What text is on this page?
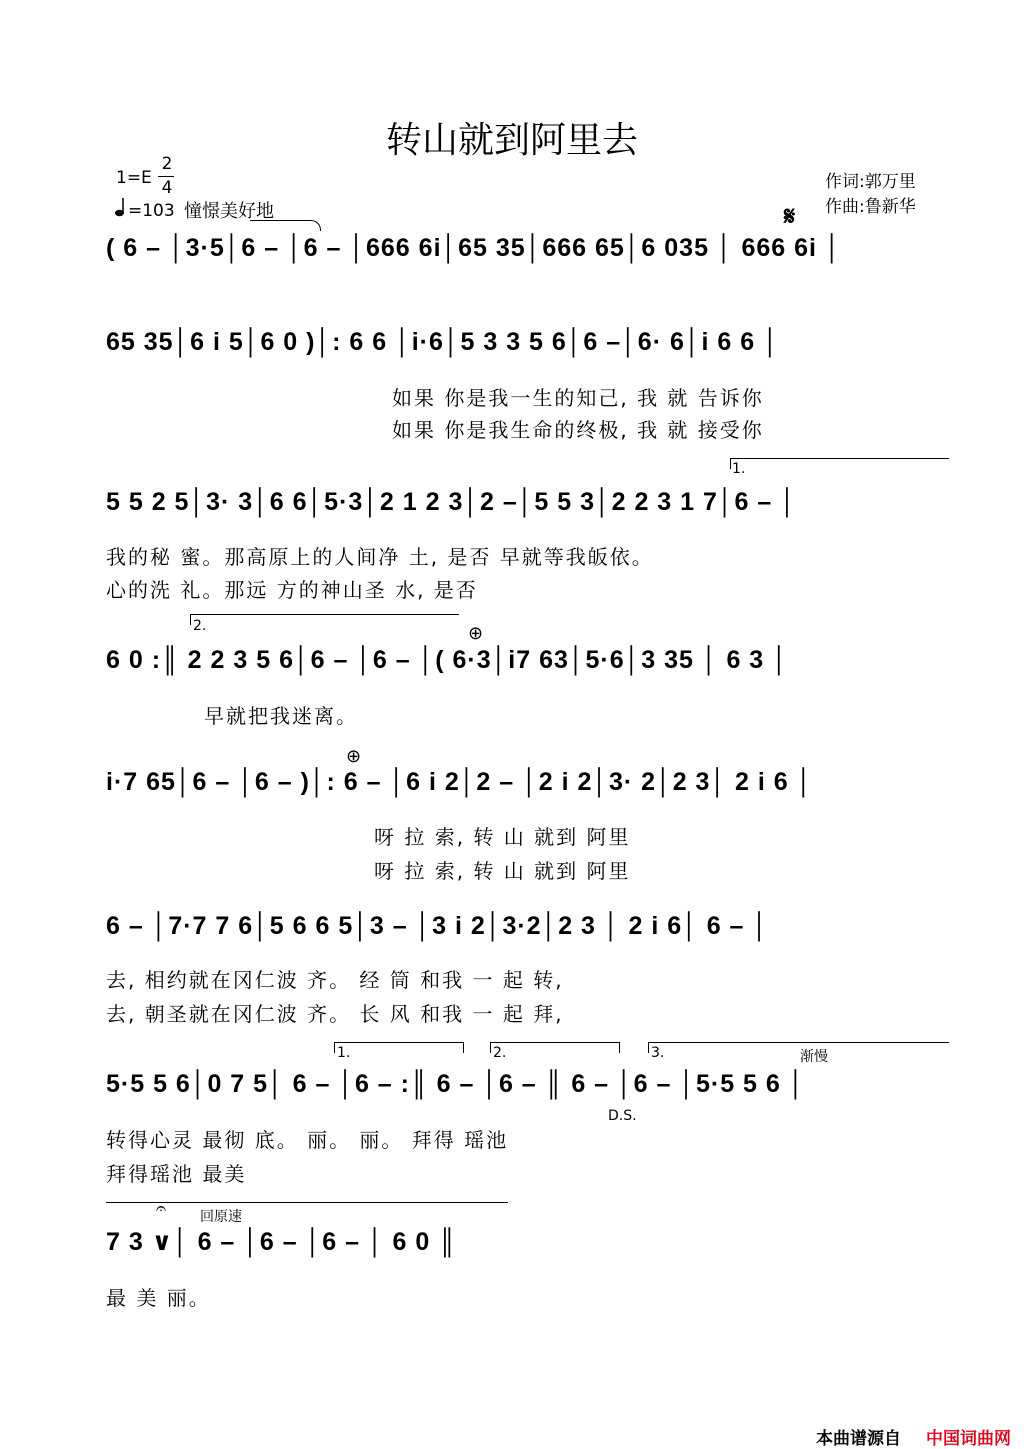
转山就到阿里去
1=E
2
4
=103 憧憬美好地
作词:郭万里
作曲:鲁新华
𝄋
( 6 – │3·5│6 – │6 – │666 6i│65 35│666 65│6 035 │ 666 6i │
65 35│6 i 5│6 0 )│: 6 6 │i·6│5 3 3 5 6│6 –│6· 6│i 6 6 │
如果 你是我一生的知己, 我 就 告诉你
如果 你是我生命的终极, 我 就 接受你
1.
5 5 2 5│3· 3│6 6│5·3│2 1 2 3│2 –│5 5 3│2 2 3 1 7│6 – │
我的秘 蜜。那高原上的人间净 土, 是否 早就等我皈依。
心的洗 礼。那远 方的神山圣 水, 是否
2.	⊕
6 0 :║ 2 2 3 5 6│6 – │6 – │( 6·3│i7 63│5·6│3 35 │ 6 3 │
早就把我迷离。
⊕
i·7 65│6 – │6 – )│: 6 – │6 i 2│2 – │2 i 2│3· 2│2 3│ 2 i 6 │
呀 拉 索, 转 山 就到 阿里
呀 拉 索, 转 山 就到 阿里
6 – │7·7 7 6│5 6 6 5│3 – │3 i 2│3·2│2 3 │ 2 i 6│ 6 – │
去, 相约就在冈仁波 齐。 经 筒 和我 一 起 转,
去, 朝圣就在冈仁波 齐。 长 风 和我 一 起 拜,
1.	2.	3.	渐慢
5·5 5 6│0 7 5│ 6 – │6 – :║ 6 – │6 – ║ 6 – │6 – │5·5 5 6 │
D.S.
转得心灵 最彻 底。 丽。 丽。 拜得 瑶池
拜得瑶池 最美
𝄐 回原速
7 3 ∨│ 6 – │6 – │6 – │ 6 0 ║
最 美 丽。
本曲谱源自 中国词曲网
